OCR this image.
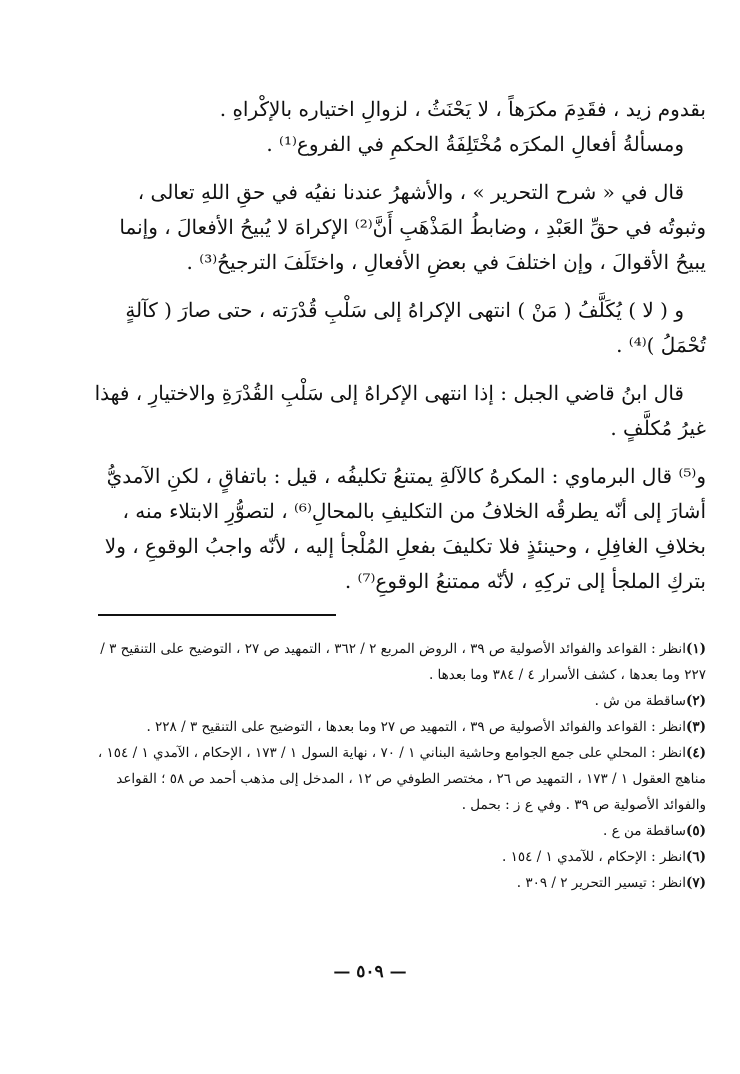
بقدوم زيد ، فقَدِمَ مكرَهاً ، لا يَحْنَثُ ، لزوالِ اختياره بالإكْراهِ .

ومسألةُ أفعالِ المكرَه مُخْتَلِفَةُ الحكمِ في الفروع⁽¹⁾ .

قال في « شرح التحرير » ، والأشهرُ عندنا نفيُه في حقِ اللهِ تعالى ، وثبوتُه في حقِّ العَبْدِ ، وضابطُ المَذْهَبِ أَنَّ⁽²⁾ الإكراهَ لا يُبيحُ الأفعالَ ، وإنما يبيحُ الأقوالَ ، وإن اختلفَ في بعضِ الأفعالِ ، واختَلَفَ الترجيحُ⁽³⁾ .

و ( لا ) يُكَلَّفُ ( مَنْ ) انتهى الإكراهُ إلى سَلْبِ قُدْرَته ، حتى صارَ ( كآلةٍ تُحْمَلُ )⁽⁴⁾ .

قال ابنُ قاضي الجبل : إذا انتهى الإكراهُ إلى سَلْبِ القُدْرَةِ والاختيارِ ، فهذا غيرُ مُكلَّفٍ .

و⁽⁵⁾ قال البرماوي : المكرهُ كالآلةِ يمتنعُ تكليفُه ، قيل : باتفاقٍ ، لكنِ الآمديُّ أشارَ إلى أنّه يطرقُه الخلافُ من التكليفِ بالمحالِ⁽⁶⁾ ، لتصوُّرِ الابتلاء منه ، بخلافِ الغافِلِ ، وحينئذٍ فلا تكليفَ بفعلِ المُلْجأ إليه ، لأنّه واجبُ الوقوعِ ، ولا بتركِ الملجأ إلى تركِهِ ، لأنّه ممتنعُ الوقوعِ⁽⁷⁾ .

(١)انظر : القواعد والفوائد الأصولية ص ٣٩ ، الروض المربع ٢ / ٣٦٢ ، التمهيد ص ٢٧ ، التوضيح على التنقيح ٣ / ٢٢٧ وما بعدها ، كشف الأسرار ٤ / ٣٨٤ وما بعدها .

(٢)ساقطة من ش .

(٣)انظر : القواعد والفوائد الأصولية ص ٣٩ ، التمهيد ص ٢٧ وما بعدها ، التوضيح على التنقيح ٣ / ٢٢٨ .

(٤)انظر : المحلي على جمع الجوامع وحاشية البناني ١ / ٧٠ ، نهاية السول ١ / ١٧٣ ، الإحكام ، الآمدي ١ / ١٥٤ ، مناهج العقول ١ / ١٧٣ ، التمهيد ص ٢٦ ، مختصر الطوفي ص ١٢ ، المدخل إلى مذهب أحمد ص ٥٨ ؛ القواعد والفوائد الأصولية ص ٣٩ . وفي ع ز : بحمل .

(٥)ساقطة من ع .

(٦)انظر : الإحكام ، للآمدي ١ / ١٥٤ .

(٧)انظر : تيسير التحرير ٢ / ٣٠٩ .

— ٥٠٩ —
